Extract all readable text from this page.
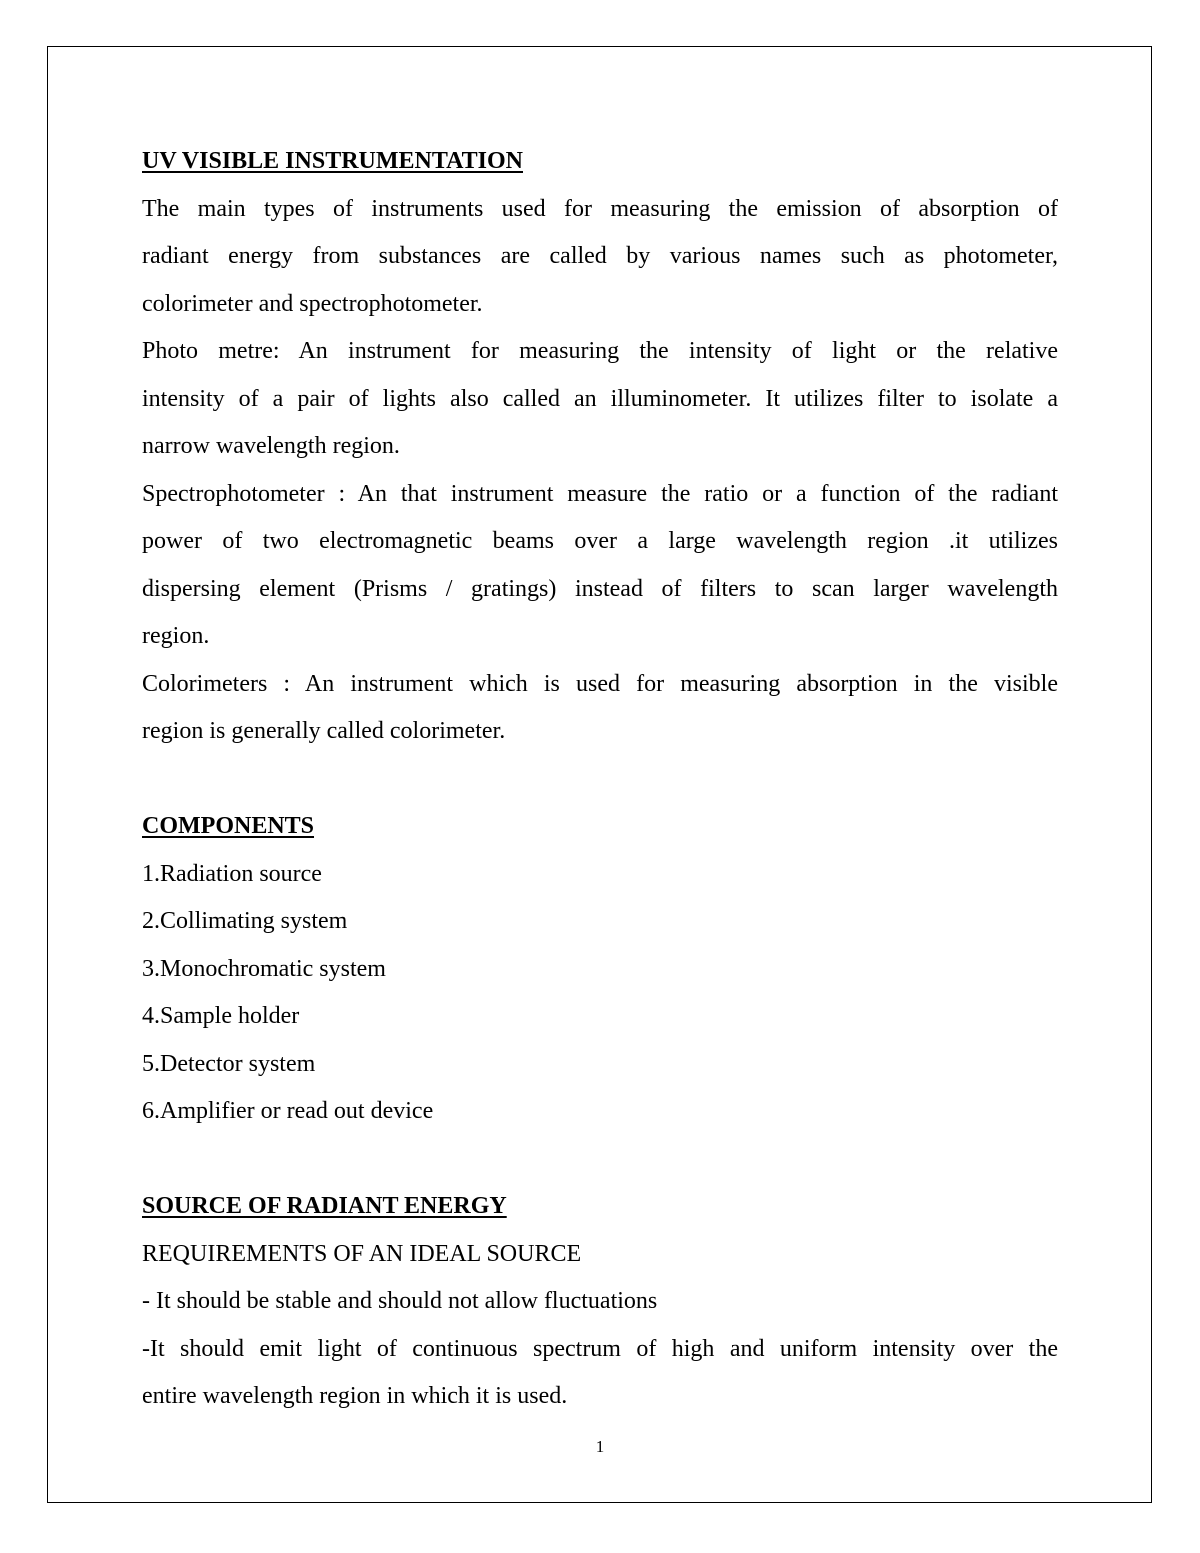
UV VISIBLE INSTRUMENTATION
The main types of instruments used for measuring the emission of absorption of
radiant energy from substances are called by various names such as photometer,
colorimeter and spectrophotometer.
Photo metre: An instrument for measuring the intensity of light or the relative
intensity of a pair of lights also called an illuminometer. It utilizes filter to isolate a
narrow wavelength region.
Spectrophotometer : An that instrument measure the ratio or a function of the radiant
power of two electromagnetic beams over a large wavelength region .it utilizes
dispersing element (Prisms / gratings) instead of filters to scan larger wavelength
region.
Colorimeters : An instrument which is used for measuring absorption in the visible
region is generally called colorimeter.
COMPONENTS
1.Radiation source
2.Collimating system
3.Monochromatic system
4.Sample holder
5.Detector system
6.Amplifier or read out device
SOURCE OF RADIANT ENERGY
REQUIREMENTS OF AN IDEAL SOURCE
- It should be stable and should not allow fluctuations
-It should emit light of continuous spectrum of high and uniform intensity over the
entire wavelength region in which it is used.
1
